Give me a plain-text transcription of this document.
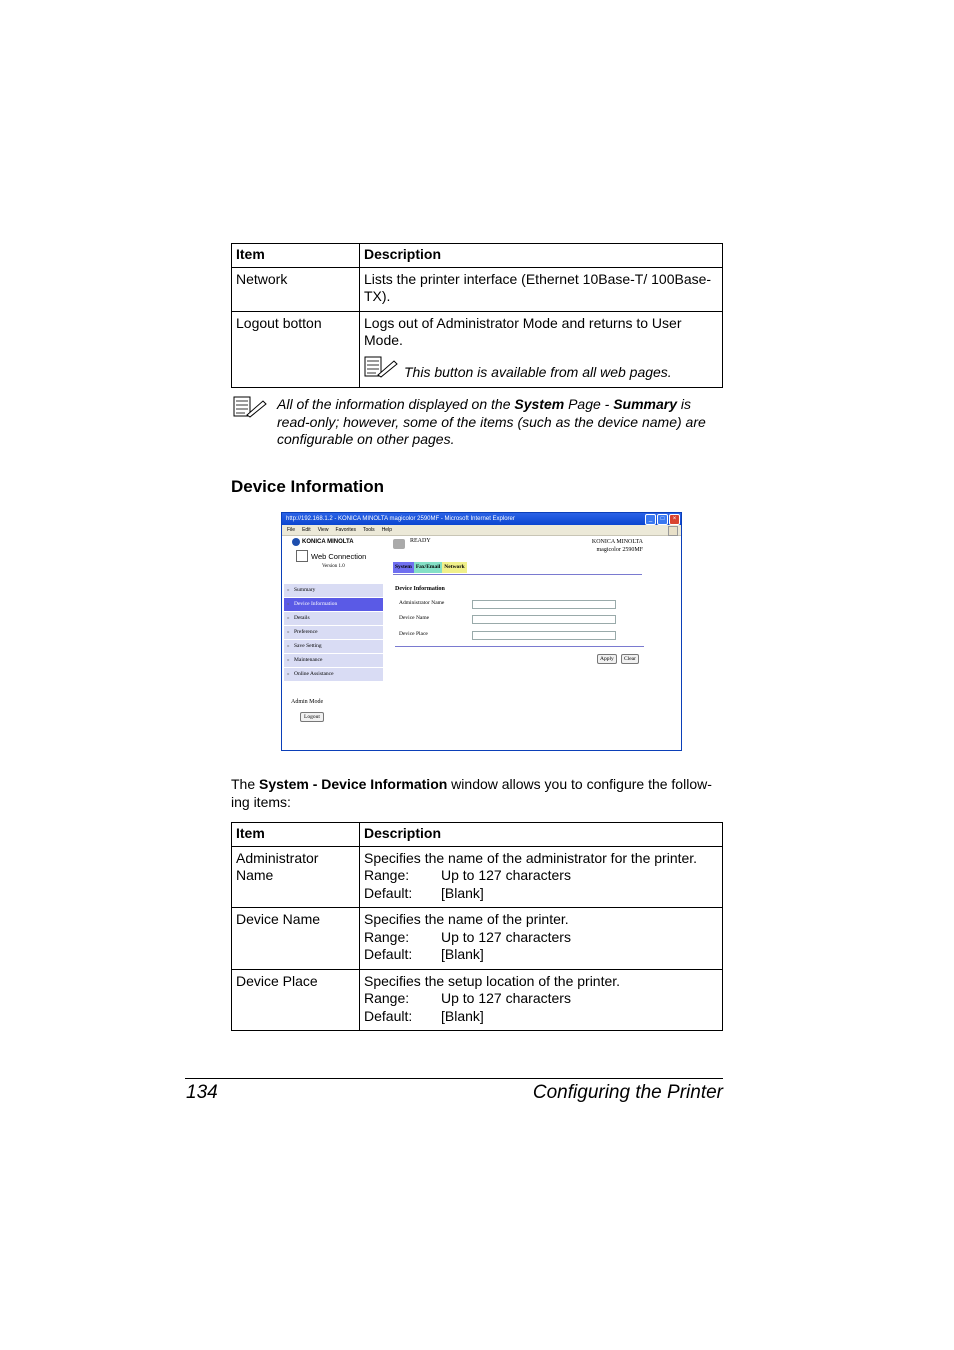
Item	Description
Network	Lists the printer interface (Ethernet 10Base-T/ 100Base-TX).
Logout botton	Logs out of Administrator Mode and returns to User Mode.
This button is available from all web pages.
All of the information displayed on the System Page - Summary is read-only; however, some of the items (such as the device name) are configurable on other pages.
Device Information
http://192.168.1.2 - KONICA MINOLTA magicolor 2590MF - Microsoft Internet Explorer	_	□	×
File Edit View Favorites Tools Help
KONICA MINOLTA
Web Connection
Version 1.0
READY	KONICA MINOLTA
magicolor 2590MF
System Fax/Email Network
» Summary
» Device Information
» Details
» Preference
» Save Setting
» Maintenance
» Online Assistance
Admin Mode
Logout
Device Information
Administrator Name
Device Name
Device Place
Apply	Clear

The System - Device Information window allows you to configure the follow-ing items:

Item	Description
Administrator Name	Specifies the name of the administrator for the printer.
Range: Up to 127 characters
Default: [Blank]

Device Name	Specifies the name of the printer.
Range: Up to 127 characters
Default: [Blank]

Device Place	Specifies the setup location of the printer.
Range: Up to 127 characters
Default: [Blank]
134	Configuring the Printer
